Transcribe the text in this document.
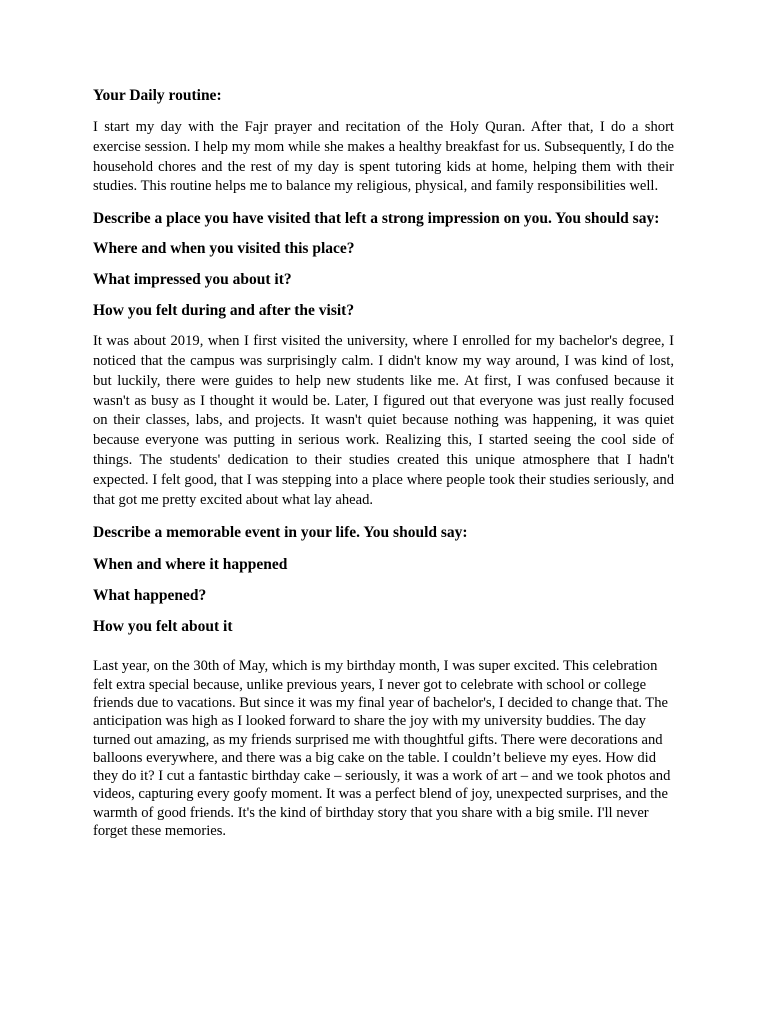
Your Daily routine:

I start my day with the Fajr prayer and recitation of the Holy Quran. After that, I do a short exercise session. I help my mom while she makes a healthy breakfast for us. Subsequently, I do the household chores and the rest of my day is spent tutoring kids at home, helping them with their studies. This routine helps me to balance my religious, physical, and family responsibilities well.

Describe a place you have visited that left a strong impression on you. You should say:

Where and when you visited this place?

What impressed you about it?

How you felt during and after the visit?

It was about 2019, when I first visited the university, where I enrolled for my bachelor's degree, I noticed that the campus was surprisingly calm. I didn't know my way around, I was kind of lost, but luckily, there were guides to help new students like me. At first, I was confused because it wasn't as busy as I thought it would be. Later, I figured out that everyone was just really focused on their classes, labs, and projects. It wasn't quiet because nothing was happening, it was quiet because everyone was putting in serious work. Realizing this, I started seeing the cool side of things. The students' dedication to their studies created this unique atmosphere that I hadn't expected. I felt good, that I was stepping into a place where people took their studies seriously, and that got me pretty excited about what lay ahead.

Describe a memorable event in your life. You should say:

When and where it happened

What happened?

How you felt about it

Last year, on the 30th of May, which is my birthday month, I was super excited. This celebration felt extra special because, unlike previous years, I never got to celebrate with school or college friends due to vacations. But since it was my final year of bachelor's, I decided to change that. The anticipation was high as I looked forward to share the joy with my university buddies. The day turned out amazing, as my friends surprised me with thoughtful gifts. There were decorations and balloons everywhere, and there was a big cake on the table. I couldn’t believe my eyes. How did they do it? I cut a fantastic birthday cake – seriously, it was a work of art – and we took photos and videos, capturing every goofy moment. It was a perfect blend of joy, unexpected surprises, and the warmth of good friends. It's the kind of birthday story that you share with a big smile. I'll never forget these memories.
